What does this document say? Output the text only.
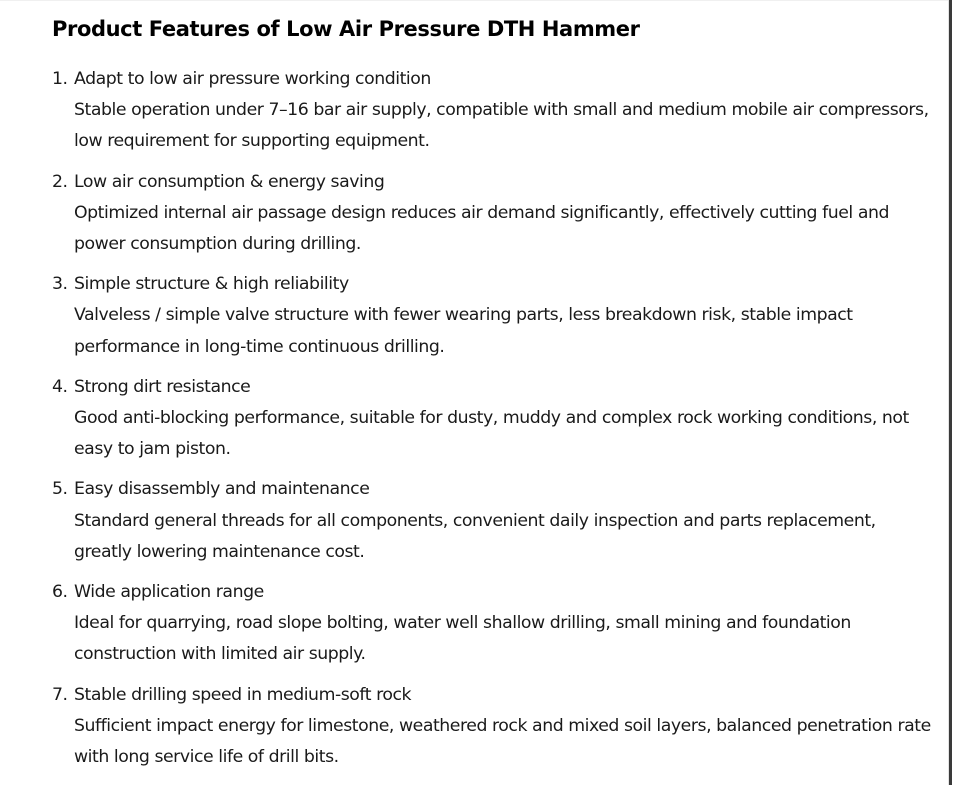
Product Features of Low Air Pressure DTH Hammer
1. Adapt to low air pressure working condition
Stable operation under 7–16 bar air supply, compatible with small and medium mobile air compressors, low requirement for supporting equipment.
2. Low air consumption & energy saving
Optimized internal air passage design reduces air demand significantly, effectively cutting fuel and power consumption during drilling.
3. Simple structure & high reliability
Valveless / simple valve structure with fewer wearing parts, less breakdown risk, stable impact performance in long-time continuous drilling.
4. Strong dirt resistance
Good anti-blocking performance, suitable for dusty, muddy and complex rock working conditions, not easy to jam piston.
5. Easy disassembly and maintenance
Standard general threads for all components, convenient daily inspection and parts replacement, greatly lowering maintenance cost.
6. Wide application range
Ideal for quarrying, road slope bolting, water well shallow drilling, small mining and foundation construction with limited air supply.
7. Stable drilling speed in medium-soft rock
Sufficient impact energy for limestone, weathered rock and mixed soil layers, balanced penetration rate with long service life of drill bits.
